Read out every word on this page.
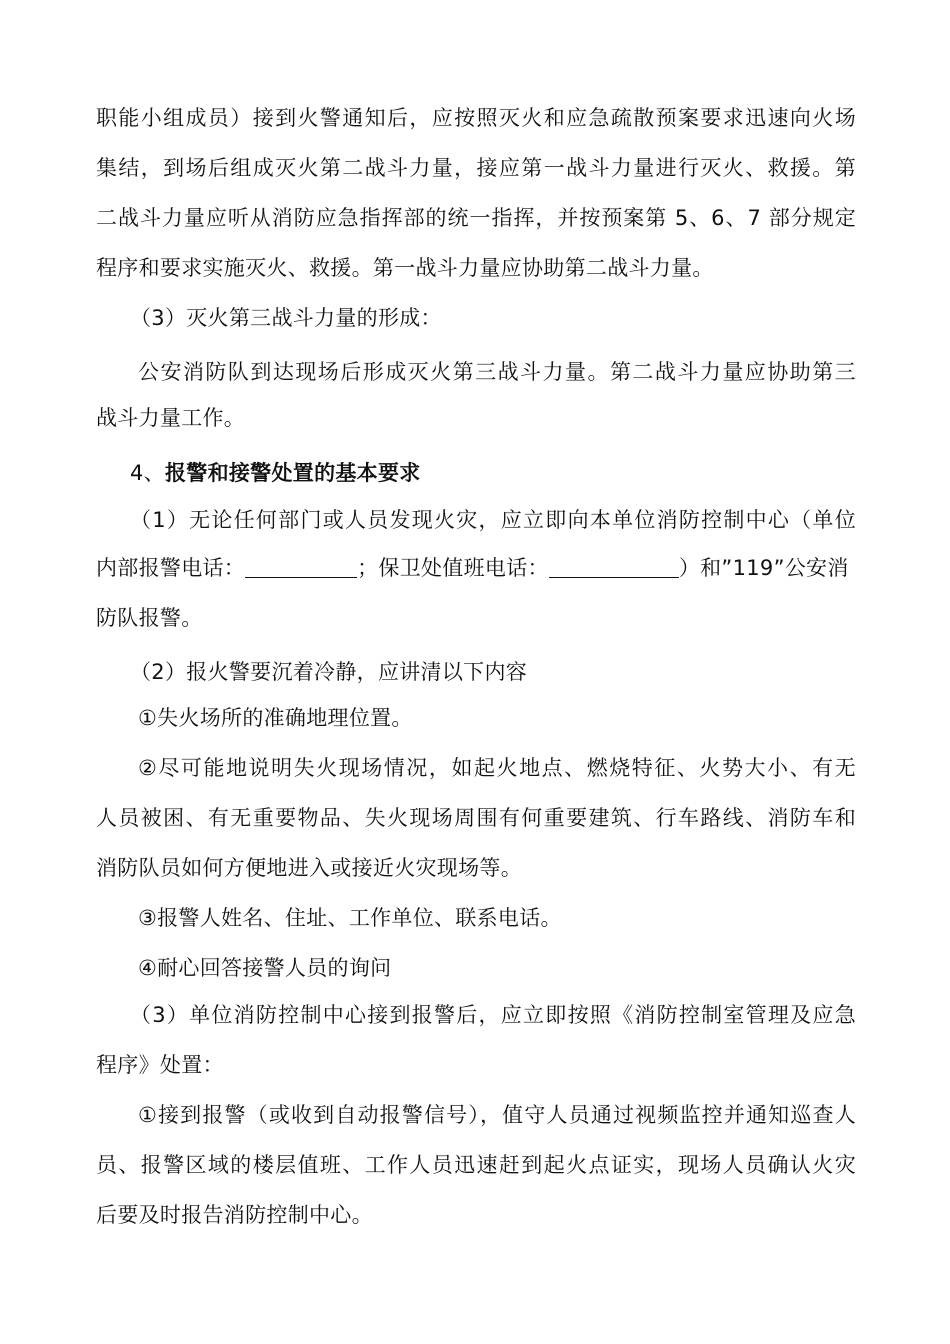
职能小组成员）接到火警通知后，应按照灭火和应急疏散预案要求迅速向火场
集结，到场后组成灭火第二战斗力量，接应第一战斗力量进行灭火、救援。第
二战斗力量应听从消防应急指挥部的统一指挥，并按预案第 5、6、7 部分规定
程序和要求实施灭火、救援。第一战斗力量应协助第二战斗力量。
（3）灭火第三战斗力量的形成：
公安消防队到达现场后形成灭火第三战斗力量。第二战斗力量应协助第三
战斗力量工作。
4、报警和接警处置的基本要求
（1）无论任何部门或人员发现火灾，应立即向本单位消防控制中心（单位
内部报警电话：	；保卫处值班电话：	）和”119”公安消
防队报警。
（2）报火警要沉着冷静，应讲清以下内容
①失火场所的准确地理位置。
②尽可能地说明失火现场情况，如起火地点、燃烧特征、火势大小、有无
人员被困、有无重要物品、失火现场周围有何重要建筑、行车路线、消防车和
消防队员如何方便地进入或接近火灾现场等。
③报警人姓名、住址、工作单位、联系电话。
④耐心回答接警人员的询问
（3）单位消防控制中心接到报警后，应立即按照《消防控制室管理及应急
程序》处置：
①接到报警（或收到自动报警信号），值守人员通过视频监控并通知巡查人
员、报警区域的楼层值班、工作人员迅速赶到起火点证实，现场人员确认火灾
后要及时报告消防控制中心。
